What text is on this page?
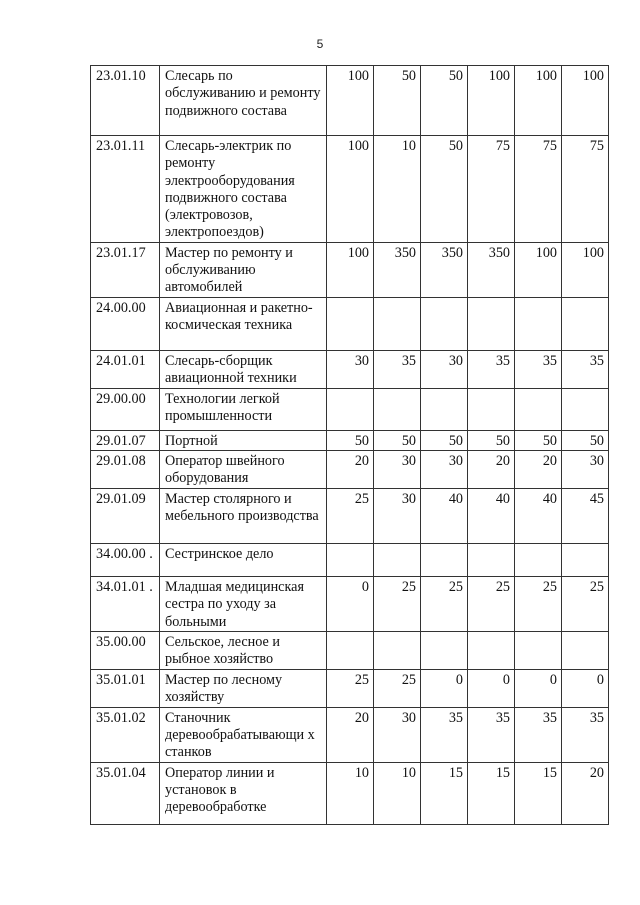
5
23.01.10	Слесарь по обслуживанию и ремонту подвижного состава	100	50	50	100	100	100
23.01.11	Слесарь-электрик по ремонту электрооборудования подвижного состава (электровозов, электропоездов)	100	10	50	75	75	75
23.01.17	Мастер по ремонту и обслуживанию автомобилей	100	350	350	350	100	100
24.00.00	Авиационная и ракетно-космическая техника						
24.01.01	Слесарь-сборщик авиационной техники	30	35	30	35	35	35
29.00.00	Технологии легкой промышленности						
29.01.07	Портной	50	50	50	50	50	50
29.01.08	Оператор швейного оборудования	20	30	30	20	20	30
29.01.09	Мастер столярного и мебельного производства	25	30	40	40	40	45
34.00.00 .	Сестринское дело						
34.01.01 .	Младшая медицинская сестра по уходу за больными	0	25	25	25	25	25
35.00.00	Сельское, лесное и рыбное хозяйство						
35.01.01	Мастер по лесному хозяйству	25	25	0	0	0	0
35.01.02	Станочник деревообрабатывающи х станков	20	30	35	35	35	35
35.01.04	Оператор линии и установок в деревообработке	10	10	15	15	15	20
